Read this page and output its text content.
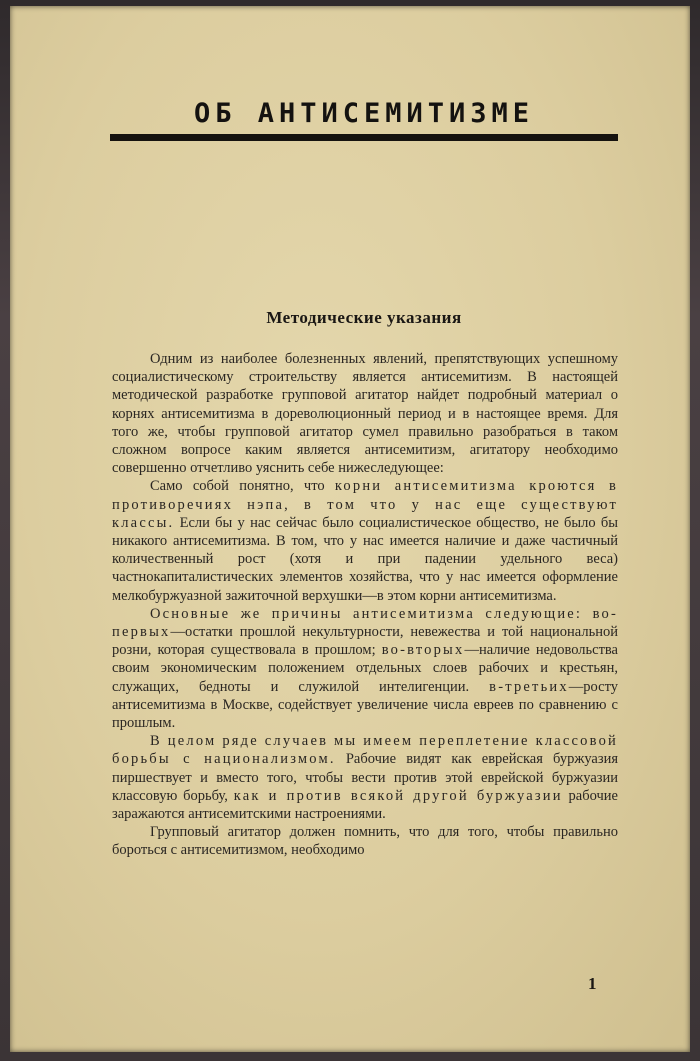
ОБ АНТИСЕМИТИЗМЕ
Методические указания

Одним из наиболее болезненных явлений, препятствующих успешному социалистическому строительству является антисемитизм. В настоящей методической разработке групповой агитатор найдет подробный материал о корнях антисемитизма в дореволюционный период и в настоящее время. Для того же, чтобы групповой агитатор сумел правильно разобраться в таком сложном вопросе каким является антисемитизм, агитатору необходимо совершенно отчетливо уяснить себе нижеследующее:

Само собой понятно, что корни антисемитизма кроются в противоречиях нэпа, в том что у нас еще существуют классы. Если бы у нас сейчас было социалистическое общество, не было бы никакого антисемитизма. В том, что у нас имеется наличие и даже частичный количественный рост (хотя и при падении удельного веса) частнокапиталистических элементов хозяйства, что у нас имеется оформление мелкобуржуазной зажиточной верхушки—в этом корни антисемитизма.

Основные же причины антисемитизма следующие: во-первых—остатки прошлой некультурности, невежества и той национальной розни, которая существовала в прошлом; во-вторых—наличие недовольства своим экономическим положением отдельных слоев рабочих и крестьян, служащих, бедноты и служилой интелигенции. в-третьих—росту антисемитизма в Москве, содействует увеличение числа евреев по сравнению с прошлым.

В целом ряде случаев мы имеем переплетение классовой борьбы с национализмом. Рабочие видят как еврейская буржуазия пиршествует и вместо того, чтобы вести против этой еврейской буржуазии классовую борьбу, как и против всякой другой буржуазии рабочие заражаются антисемитскими настроениями.

Групповый агитатор должен помнить, что для того, чтобы правильно бороться с антисемитизмом, необходимо

1
